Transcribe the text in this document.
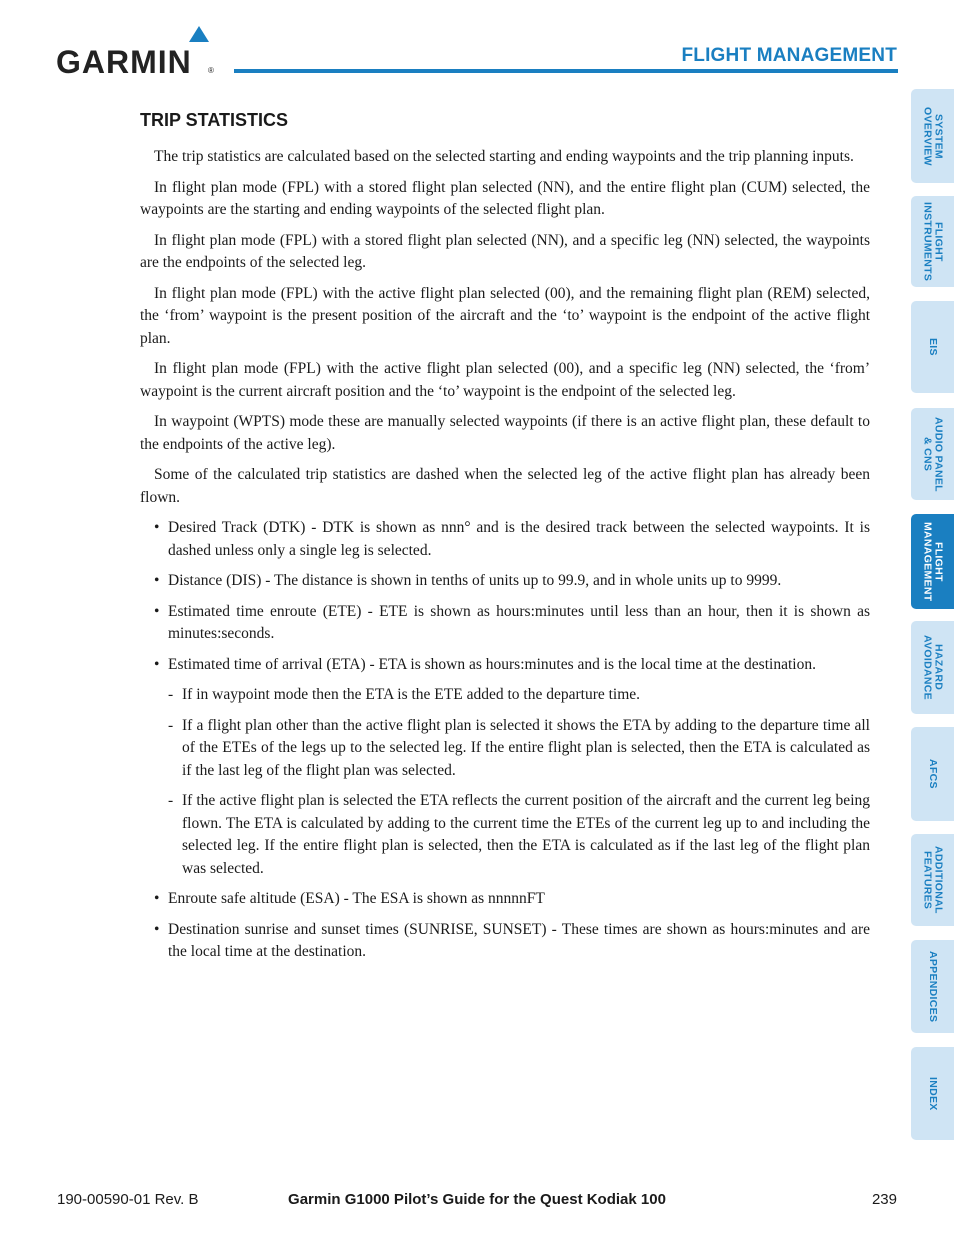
GARMIN ®
FLIGHT MANAGEMENT
TRIP STATISTICS

The trip statistics are calculated based on the selected starting and ending waypoints and the trip planning inputs.

In flight plan mode (FPL) with a stored flight plan selected (NN), and the entire flight plan (CUM) selected, the waypoints are the starting and ending waypoints of the selected flight plan.

In flight plan mode (FPL) with a stored flight plan selected (NN), and a specific leg (NN) selected, the waypoints are the endpoints of the selected leg.

In flight plan mode (FPL) with the active flight plan selected (00), and the remaining flight plan (REM) selected, the ‘from’ waypoint is the present position of the aircraft and the ‘to’ waypoint is the endpoint of the active flight plan.

In flight plan mode (FPL) with the active flight plan selected (00), and a specific leg (NN) selected, the ‘from’ waypoint is the current aircraft position and the ‘to’ waypoint is the endpoint of the selected leg.

In waypoint (WPTS) mode these are manually selected waypoints (if there is an active flight plan, these default to the endpoints of the active leg).

Some of the calculated trip statistics are dashed when the selected leg of the active flight plan has already been flown.

• Desired Track (DTK) - DTK is shown as nnn° and is the desired track between the selected waypoints. It is dashed unless only a single leg is selected.
• Distance (DIS) - The distance is shown in tenths of units up to 99.9, and in whole units up to 9999.
• Estimated time enroute (ETE) - ETE is shown as hours:minutes until less than an hour, then it is shown as minutes:seconds.
• Estimated time of arrival (ETA) - ETA is shown as hours:minutes and is the local time at the destination.
- If in waypoint mode then the ETA is the ETE added to the departure time.
- If a flight plan other than the active flight plan is selected it shows the ETA by adding to the departure time all of the ETEs of the legs up to the selected leg. If the entire flight plan is selected, then the ETA is calculated as if the last leg of the flight plan was selected.
- If the active flight plan is selected the ETA reflects the current position of the aircraft and the current leg being flown. The ETA is calculated by adding to the current time the ETEs of the current leg up to and including the selected leg. If the entire flight plan is selected, then the ETA is calculated as if the last leg of the flight plan was selected.
• Enroute safe altitude (ESA) - The ESA is shown as nnnnnFT
• Destination sunrise and sunset times (SUNRISE, SUNSET) - These times are shown as hours:minutes and are the local time at the destination.
SYSTEM
OVERVIEW
FLIGHT
INSTRUMENTS
EIS
AUDIO PANEL
& CNS
FLIGHT
MANAGEMENT
HAZARD
AVOIDANCE
AFCS
ADDITIONAL
FEATURES
APPENDICES
INDEX
Garmin G1000 Pilot’s Guide for the Quest Kodiak 100
190-00590-01 Rev. B	239
